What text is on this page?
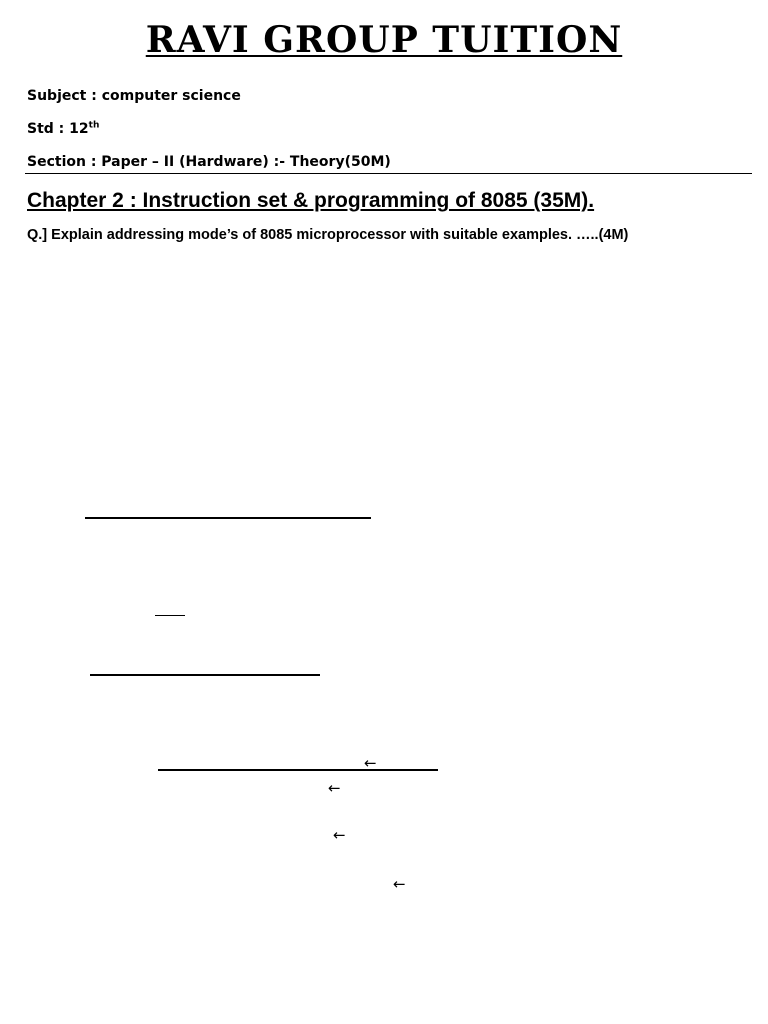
RAVI GROUP TUITION
Subject : computer science
Std : 12th
Section : Paper – II (Hardware) :- Theory(50M)
Chapter 2 : Instruction set & programming of 8085 (35M).
Q.] Explain addressing mode’s of 8085 microprocessor with suitable examples. …..(4M)
←
←
←
←
